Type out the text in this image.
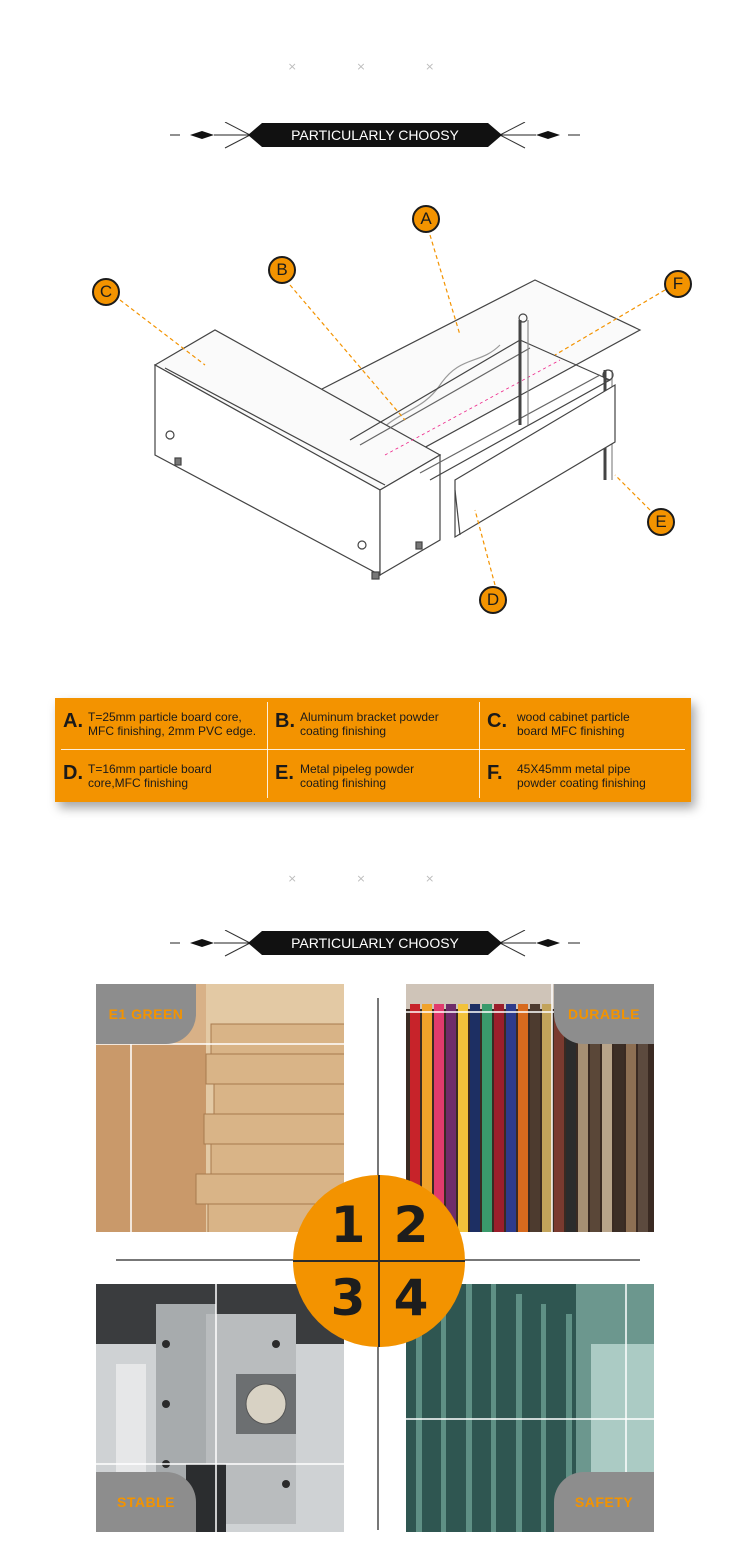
× × ×
PARTICULARLY CHOOSY
A
B
C
D
E
F
A. T=25mm particle board core, MFC finishing, 2mm PVC edge. B. Aluminum bracket powder coating finishing	C. wood cabinet particle board MFC finishing
D. T=16mm particle board core,MFC finishing	E. Metal pipeleg powder coating finishing	F. 45X45mm metal pipe powder coating finishing
× × ×
PARTICULARLY CHOOSY
E1 GREEN	DURABLE
STABLE	SAFETY
1 2
3 4
